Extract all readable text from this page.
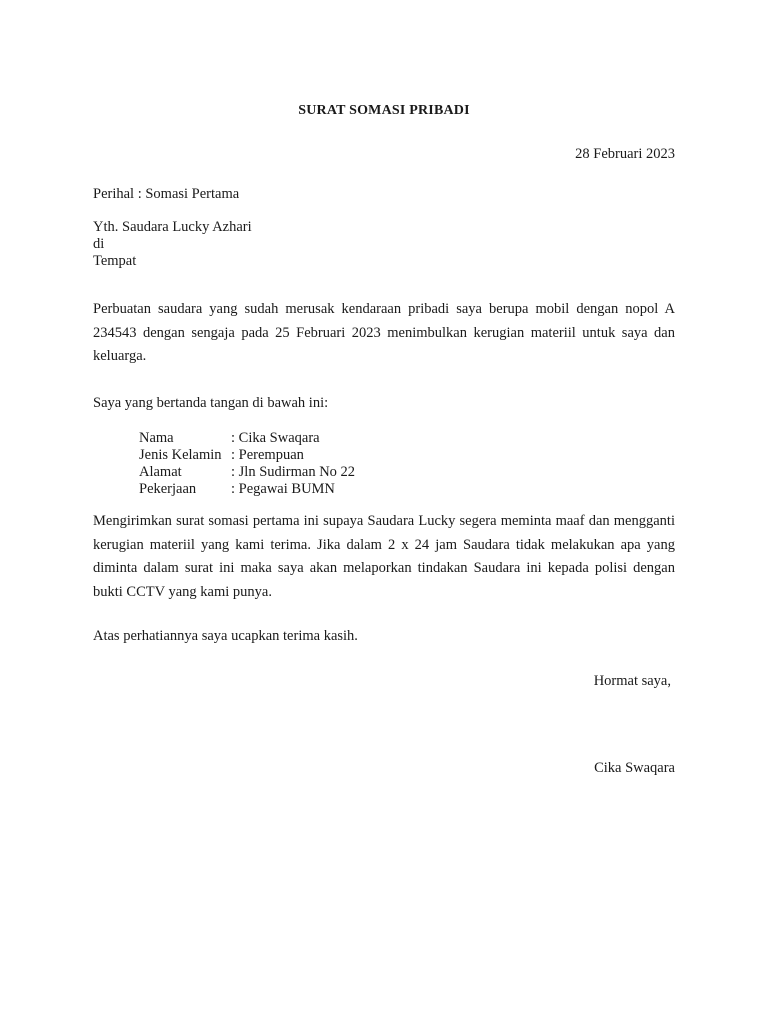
SURAT SOMASI PRIBADI
28 Februari 2023
Perihal : Somasi Pertama
Yth. Saudara Lucky Azhari
di
Tempat
Perbuatan saudara yang sudah merusak kendaraan pribadi saya berupa mobil dengan nopol A 234543 dengan sengaja pada 25 Februari 2023 menimbulkan kerugian materiil untuk saya dan keluarga.
Saya yang bertanda tangan di bawah ini:
Nama	: Cika Swaqara
Jenis Kelamin : Perempuan
Alamat	: Jln Sudirman No 22
Pekerjaan	: Pegawai BUMN
Mengirimkan surat somasi pertama ini supaya Saudara Lucky segera meminta maaf dan mengganti kerugian materiil yang kami terima. Jika dalam 2 x 24 jam Saudara tidak melakukan apa yang diminta dalam surat ini maka saya akan melaporkan tindakan Saudara ini kepada polisi dengan bukti CCTV yang kami punya.
Atas perhatiannya saya ucapkan terima kasih.
Hormat saya,
Cika Swaqara
